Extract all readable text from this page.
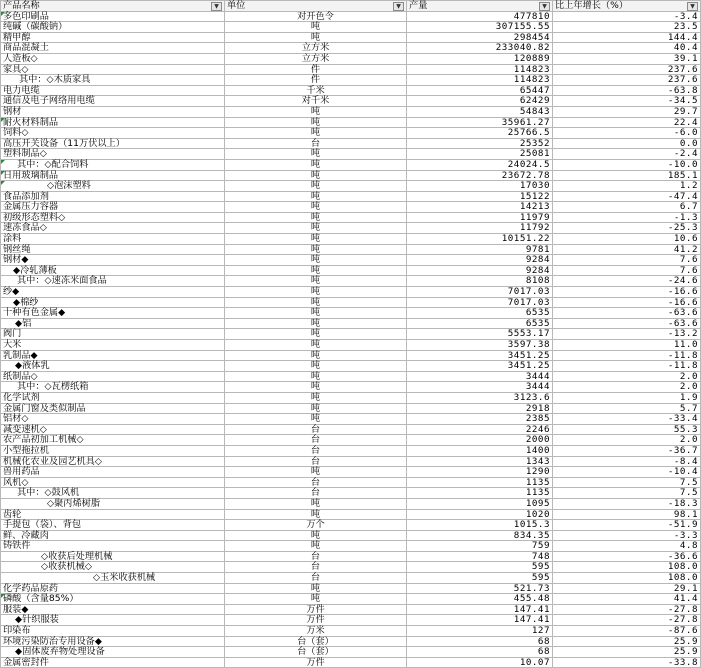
产品名称 ▼	单位 ▼	产量 ▼	比上年增长（%） ▼

多色印刷品	对开色令	477810	-3.4
纯碱（碳酸钠）	吨	307155.55	23.5
精甲醇	吨	298454	144.4
商品混凝土	立方米	233040.82	40.4
人造板◇	立方米	120889	39.1
家具◇	件	114823	237.6
其中：◇木质家具	件	114823	237.6
电力电缆	千米	65447	-63.8
通信及电子网络用电缆	对千米	62429	-34.5
钢材	吨	54843	29.7
耐火材料制品	吨	35961.27	22.4
饲料◇	吨	25766.5	-6.0
高压开关设备（11万伏以上）	台	25352	0.0
塑料制品◇	吨	25081	-2.4
其中：◇配合饲料	吨	24024.5	-10.0
日用玻璃制品	吨	23672.78	185.1
◇泡沫塑料	吨	17030	1.2
食品添加剂	吨	15122	-47.4
金属压力容器	吨	14213	6.7
初级形态塑料◇	吨	11979	-1.3
速冻食品◇	吨	11792	-25.3
涂料	吨	10151.22	10.6
钢丝绳	吨	9781	41.2
钢材◆	吨	9284	7.6
◆冷轧薄板	吨	9284	7.6
其中：◇速冻米面食品	吨	8108	-24.6
纱◆	吨	7017.03	-16.6
◆棉纱	吨	7017.03	-16.6
十种有色金属◆	吨	6535	-63.6
◆铝	吨	6535	-63.6
阀门	吨	5553.17	-13.2
大米	吨	3597.38	11.0
乳制品◆	吨	3451.25	-11.8
◆液体乳	吨	3451.25	-11.8
纸制品◇	吨	3444	2.0
其中：◇瓦楞纸箱	吨	3444	2.0
化学试剂	吨	3123.6	1.9
金属门窗及类似制品	吨	2918	5.7
铝材◇	吨	2385	-33.4
减变速机◇	台	2246	55.3
农产品初加工机械◇	台	2000	2.0
小型拖拉机	台	1400	-36.7
机械化农业及园艺机具◇	台	1343	-8.4
兽用药品	吨	1290	-10.4
风机◇	台	1135	7.5
其中：◇鼓风机	台	1135	7.5
◇聚丙烯树脂	吨	1095	-18.3
齿轮	吨	1020	98.1
手提包（袋）、背包	万个	1015.3	-51.9
鲜、冷藏肉	吨	834.35	-3.3
铸铁件	吨	759	4.8
◇收获后处理机械	台	748	-36.6
◇收获机械◇	台	595	108.0
◇玉米收获机械	台	595	108.0
化学药品原药	吨	521.73	29.1
磷酸（含量85%）	吨	455.48	41.4
服装◆	万件	147.41	-27.8
◆针织服装	万件	147.41	-27.8
印染布	万米	127	-87.6
环境污染防治专用设备◆	台（套）	68	25.9
◆固体废弃物处理设备	台（套）	68	25.9
金属密封件	万件	10.07	-33.8
